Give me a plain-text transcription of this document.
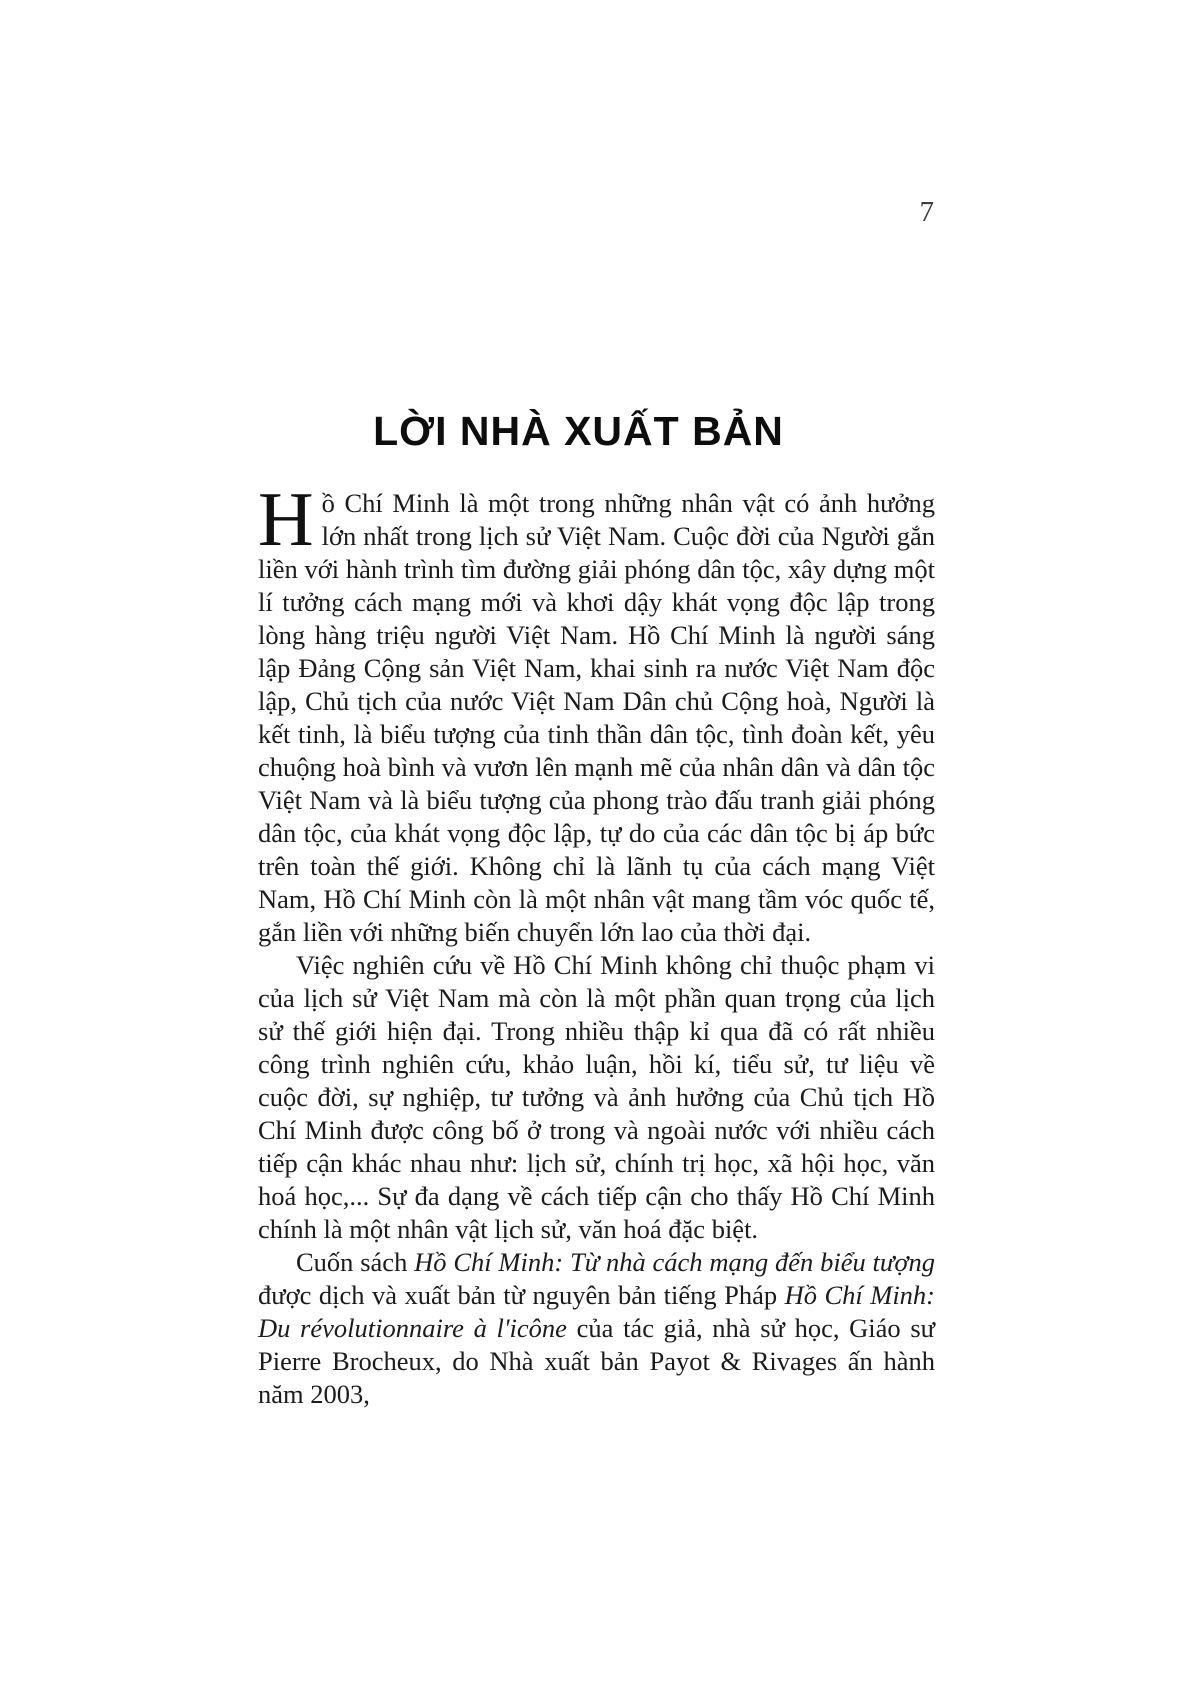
7
LỜI NHÀ XUẤT BẢN

Hồ Chí Minh là một trong những nhân vật có ảnh hưởng lớn nhất trong lịch sử Việt Nam. Cuộc đời của Người gắn liền với hành trình tìm đường giải phóng dân tộc, xây dựng một lí tưởng cách mạng mới và khơi dậy khát vọng độc lập trong lòng hàng triệu người Việt Nam. Hồ Chí Minh là người sáng lập Đảng Cộng sản Việt Nam, khai sinh ra nước Việt Nam độc lập, Chủ tịch của nước Việt Nam Dân chủ Cộng hoà, Người là kết tinh, là biểu tượng của tinh thần dân tộc, tình đoàn kết, yêu chuộng hoà bình và vươn lên mạnh mẽ của nhân dân và dân tộc Việt Nam và là biểu tượng của phong trào đấu tranh giải phóng dân tộc, của khát vọng độc lập, tự do của các dân tộc bị áp bức trên toàn thế giới. Không chỉ là lãnh tụ của cách mạng Việt Nam, Hồ Chí Minh còn là một nhân vật mang tầm vóc quốc tế, gắn liền với những biến chuyển lớn lao của thời đại.

Việc nghiên cứu về Hồ Chí Minh không chỉ thuộc phạm vi của lịch sử Việt Nam mà còn là một phần quan trọng của lịch sử thế giới hiện đại. Trong nhiều thập kỉ qua đã có rất nhiều công trình nghiên cứu, khảo luận, hồi kí, tiểu sử, tư liệu về cuộc đời, sự nghiệp, tư tưởng và ảnh hưởng của Chủ tịch Hồ Chí Minh được công bố ở trong và ngoài nước với nhiều cách tiếp cận khác nhau như: lịch sử, chính trị học, xã hội học, văn hoá học,... Sự đa dạng về cách tiếp cận cho thấy Hồ Chí Minh chính là một nhân vật lịch sử, văn hoá đặc biệt.

Cuốn sách Hồ Chí Minh: Từ nhà cách mạng đến biểu tượng được dịch và xuất bản từ nguyên bản tiếng Pháp Hồ Chí Minh: Du révolutionnaire à l'icône của tác giả, nhà sử học, Giáo sư Pierre Brocheux, do Nhà xuất bản Payot & Rivages ấn hành năm 2003,
